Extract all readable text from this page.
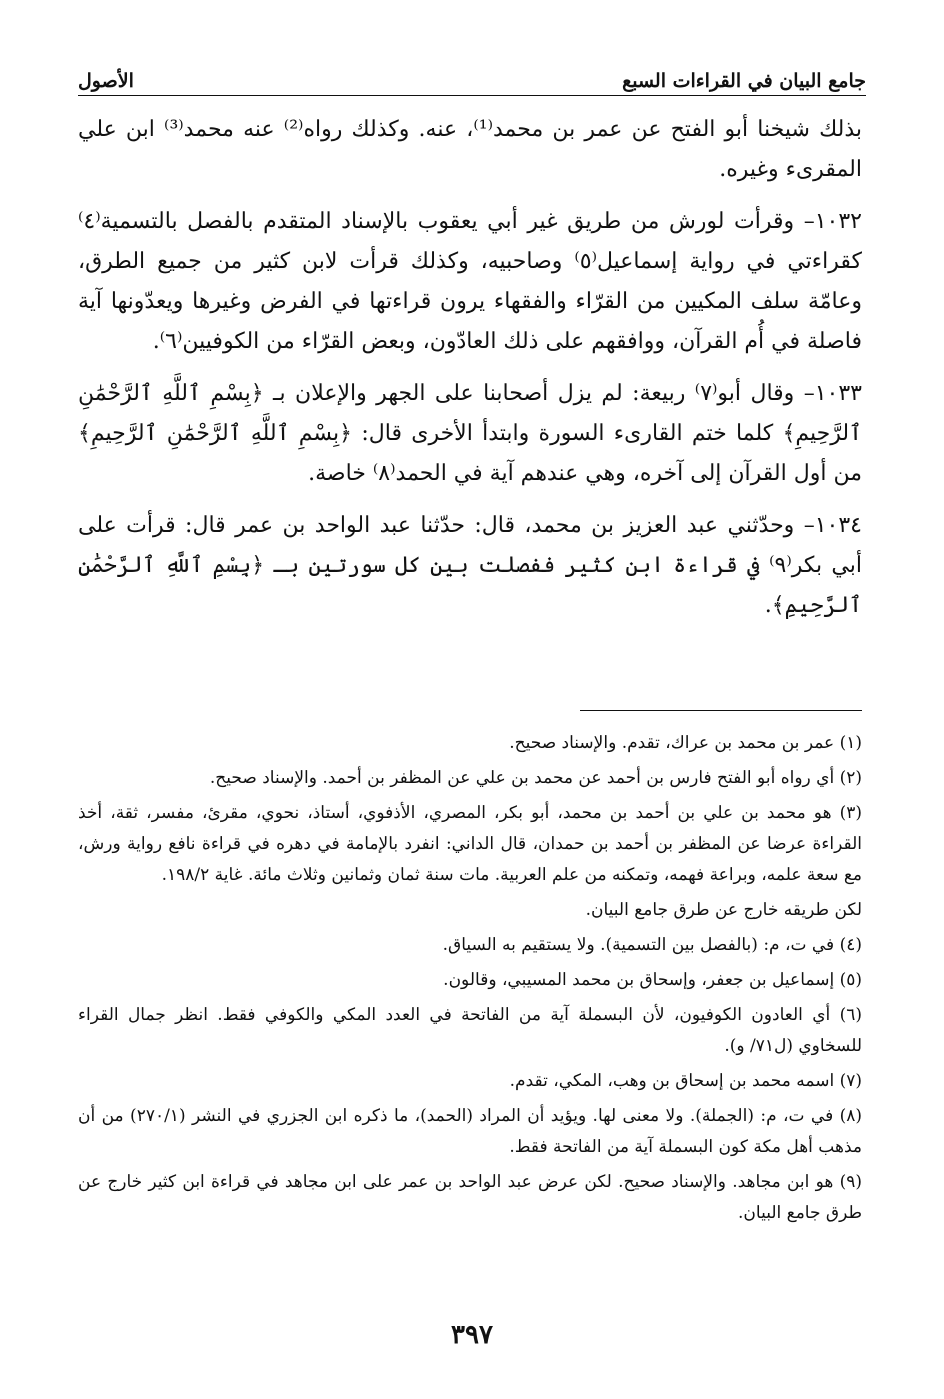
جامع البيان في القراءات السبع
الأصول

بذلك شيخنا أبو الفتح عن عمر بن محمد⁽¹⁾، عنه. وكذلك رواه⁽²⁾ عنه محمد⁽³⁾ ابن علي المقرىء وغيره.

١٠٣٢– وقرأت لورش من طريق غير أبي يعقوب بالإسناد المتقدم بالفصل بالتسمية⁽٤⁾ كقراءتي في رواية إسماعيل⁽٥⁾ وصاحبيه، وكذلك قرأت لابن كثير من جميع الطرق، وعامّة سلف المكيين من القرّاء والفقهاء يرون قراءتها في الفرض وغيرها ويعدّونها آية فاصلة في أُم القرآن، ووافقهم على ذلك العادّون، وبعض القرّاء من الكوفيين⁽٦⁾.

١٠٣٣– وقال أبو⁽٧⁾ ربيعة: لم يزل أصحابنا على الجهر والإعلان بـ ﴿بِسْمِ ٱللَّهِ ٱلرَّحْمَٰنِ ٱلرَّحِيمِ﴾ كلما ختم القارىء السورة وابتدأ الأخرى قال: ﴿بِسْمِ ٱللَّهِ ٱلرَّحْمَٰنِ ٱلرَّحِيمِ﴾ من أول القرآن إلى آخره، وهي عندهم آية في الحمد⁽٨⁾ خاصة.

١٠٣٤– وحدّثني عبد العزيز بن محمد، قال: حدّثنا عبد الواحد بن عمر قال: قرأت على أبي بكر⁽٩⁾ في قراءة ابن كثير ففصلت بين كل سورتين بـ ﴿بِسْمِ ٱللَّهِ ٱلرَّحْمَٰنِ ٱلرَّحِيمِ﴾.

(١) عمر بن محمد بن عراك، تقدم. والإسناد صحيح.

(٢) أي رواه أبو الفتح فارس بن أحمد عن محمد بن علي عن المظفر بن أحمد. والإسناد صحيح.

(٣) هو محمد بن علي بن أحمد بن محمد، أبو بكر، المصري، الأذفوي، أستاذ، نحوي، مقرئ، مفسر، ثقة، أخذ القراءة عرضا عن المظفر بن أحمد بن حمدان، قال الداني: انفرد بالإمامة في دهره في قراءة نافع رواية ورش، مع سعة علمه، وبراعة فهمه، وتمكنه من علم العربية. مات سنة ثمان وثمانين وثلاث مائة. غاية ١٩٨/٢.

لكن طريقه خارج عن طرق جامع البيان.

(٤) في ت، م: (بالفصل بين التسمية). ولا يستقيم به السياق.

(٥) إسماعيل بن جعفر، وإسحاق بن محمد المسيبي، وقالون.

(٦) أي العادون الكوفيون، لأن البسملة آية من الفاتحة في العدد المكي والكوفي فقط. انظر جمال القراء للسخاوي (ل٧١/ و).

(٧) اسمه محمد بن إسحاق بن وهب، المكي، تقدم.

(٨) في ت، م: (الجملة). ولا معنى لها. ويؤيد أن المراد (الحمد)، ما ذكره ابن الجزري في النشر (٢٧٠/١) من أن مذهب أهل مكة كون البسملة آية من الفاتحة فقط.

(٩) هو ابن مجاهد. والإسناد صحيح. لكن عرض عبد الواحد بن عمر على ابن مجاهد في قراءة ابن كثير خارج عن طرق جامع البيان.

٣٩٧
